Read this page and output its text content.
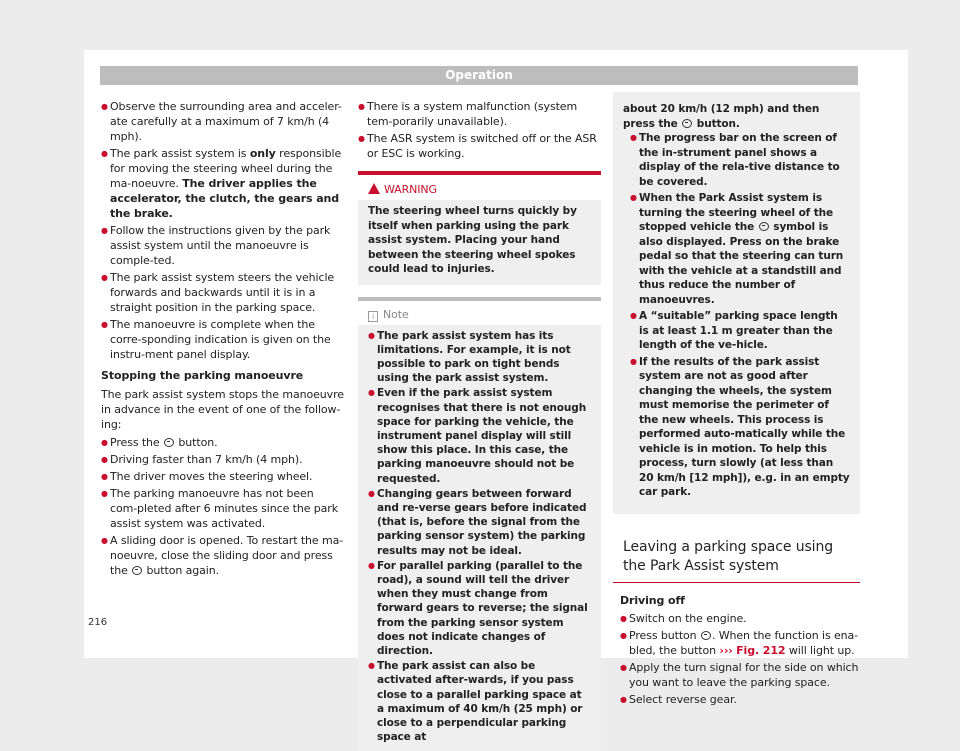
Operation
● Observe the surrounding area and acceler-ate carefully at a maximum of 7 km/h (4 mph).
● The park assist system is only responsible for moving the steering wheel during the ma-noeuvre. The driver applies the accelerator, the clutch, the gears and the brake.
● Follow the instructions given by the park assist system until the manoeuvre is comple-ted.
● The park assist system steers the vehicle forwards and backwards until it is in a straight position in the parking space.
● The manoeuvre is complete when the corre-sponding indication is given on the instru-ment panel display.
Stopping the parking manoeuvre
The park assist system stops the manoeuvre in advance in the event of one of the follow-ing:
● Press the  button.
● Driving faster than 7 km/h (4 mph).
● The driver moves the steering wheel.
● The parking manoeuvre has not been com-pleted after 6 minutes since the park assist system was activated.
● A sliding door is opened. To restart the ma-noeuvre, close the sliding door and press the  button again.
● There is a system malfunction (system tem-porarily unavailable).
● The ASR system is switched off or the ASR or ESC is working.
WARNING
The steering wheel turns quickly by itself when parking using the park assist system. Placing your hand between the steering wheel spokes could lead to injuries.
i Note
● The park assist system has its limitations. For example, it is not possible to park on tight bends using the park assist system.
● Even if the park assist system recognises that there is not enough space for parking the vehicle, the instrument panel display will still show this place. In this case, the parking manoeuvre should not be requested.
● Changing gears between forward and re-verse gears before indicated (that is, before the signal from the parking sensor system) the parking results may not be ideal.
● For parallel parking (parallel to the road), a sound will tell the driver when they must change from forward gears to reverse; the signal from the parking sensor system does not indicate changes of direction.
● The park assist can also be activated after-wards, if you pass close to a parallel parking space at a maximum of 40 km/h (25 mph) or close to a perpendicular parking space at
about 20 km/h (12 mph) and then press the  button.
● The progress bar on the screen of the in-strument panel shows a display of the rela-tive distance to be covered.
● When the Park Assist system is turning the steering wheel of the stopped vehicle the  symbol is also displayed. Press on the brake pedal so that the steering can turn with the vehicle at a standstill and thus reduce the number of manoeuvres.
● A “suitable” parking space length is at least 1.1 m greater than the length of the ve-hicle.
● If the results of the park assist system are not as good after changing the wheels, the system must memorise the perimeter of the new wheels. This process is performed auto-matically while the vehicle is in motion. To help this process, turn slowly (at less than 20 km/h [12 mph]), e.g. in an empty car park.
Leaving a parking space using the Park Assist system
Driving off
● Switch on the engine.
● Press button . When the function is ena-bled, the button ››› Fig. 212 will light up.
● Apply the turn signal for the side on which you want to leave the parking space.
● Select reverse gear.
216
